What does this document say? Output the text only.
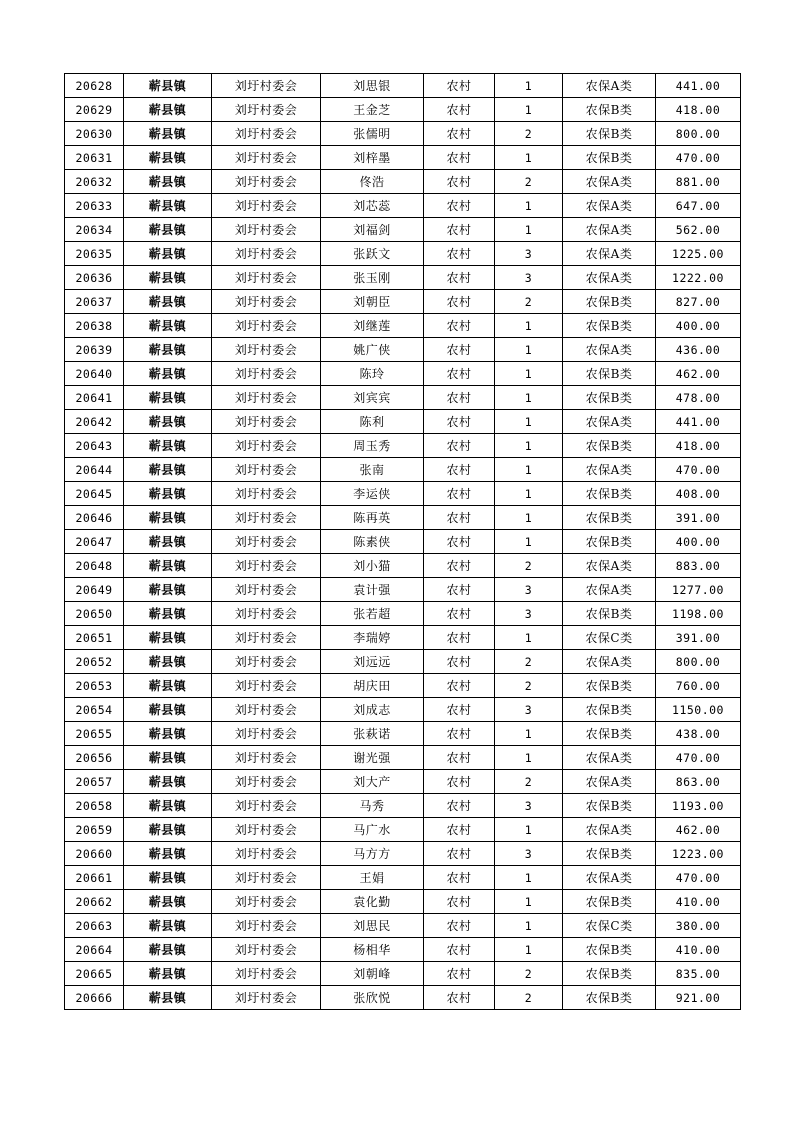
20628	蕲县镇	刘圩村委会	刘思银	农村	1	农保A类	441.00
20629	蕲县镇	刘圩村委会	王金芝	农村	1	农保B类	418.00
20630	蕲县镇	刘圩村委会	张儒明	农村	2	农保B类	800.00
20631	蕲县镇	刘圩村委会	刘梓墨	农村	1	农保B类	470.00
20632	蕲县镇	刘圩村委会	佟浩	农村	2	农保A类	881.00
20633	蕲县镇	刘圩村委会	刘芯蕊	农村	1	农保A类	647.00
20634	蕲县镇	刘圩村委会	刘福剑	农村	1	农保A类	562.00
20635	蕲县镇	刘圩村委会	张跃文	农村	3	农保A类	1225.00
20636	蕲县镇	刘圩村委会	张玉刚	农村	3	农保A类	1222.00
20637	蕲县镇	刘圩村委会	刘朝臣	农村	2	农保B类	827.00
20638	蕲县镇	刘圩村委会	刘继莲	农村	1	农保B类	400.00
20639	蕲县镇	刘圩村委会	姚广侠	农村	1	农保A类	436.00
20640	蕲县镇	刘圩村委会	陈玲	农村	1	农保B类	462.00
20641	蕲县镇	刘圩村委会	刘宾宾	农村	1	农保B类	478.00
20642	蕲县镇	刘圩村委会	陈利	农村	1	农保A类	441.00
20643	蕲县镇	刘圩村委会	周玉秀	农村	1	农保B类	418.00
20644	蕲县镇	刘圩村委会	张南	农村	1	农保A类	470.00
20645	蕲县镇	刘圩村委会	李运侠	农村	1	农保B类	408.00
20646	蕲县镇	刘圩村委会	陈再英	农村	1	农保B类	391.00
20647	蕲县镇	刘圩村委会	陈素侠	农村	1	农保B类	400.00
20648	蕲县镇	刘圩村委会	刘小猫	农村	2	农保A类	883.00
20649	蕲县镇	刘圩村委会	袁计强	农村	3	农保A类	1277.00
20650	蕲县镇	刘圩村委会	张若超	农村	3	农保B类	1198.00
20651	蕲县镇	刘圩村委会	李瑞婷	农村	1	农保C类	391.00
20652	蕲县镇	刘圩村委会	刘远远	农村	2	农保A类	800.00
20653	蕲县镇	刘圩村委会	胡庆田	农村	2	农保B类	760.00
20654	蕲县镇	刘圩村委会	刘成志	农村	3	农保B类	1150.00
20655	蕲县镇	刘圩村委会	张萩诺	农村	1	农保B类	438.00
20656	蕲县镇	刘圩村委会	谢光强	农村	1	农保A类	470.00
20657	蕲县镇	刘圩村委会	刘大产	农村	2	农保A类	863.00
20658	蕲县镇	刘圩村委会	马秀	农村	3	农保B类	1193.00
20659	蕲县镇	刘圩村委会	马广水	农村	1	农保A类	462.00
20660	蕲县镇	刘圩村委会	马方方	农村	3	农保B类	1223.00
20661	蕲县镇	刘圩村委会	王娟	农村	1	农保A类	470.00
20662	蕲县镇	刘圩村委会	袁化勤	农村	1	农保B类	410.00
20663	蕲县镇	刘圩村委会	刘思民	农村	1	农保C类	380.00
20664	蕲县镇	刘圩村委会	杨相华	农村	1	农保B类	410.00
20665	蕲县镇	刘圩村委会	刘朝峰	农村	2	农保B类	835.00
20666	蕲县镇	刘圩村委会	张欣悦	农村	2	农保B类	921.00
